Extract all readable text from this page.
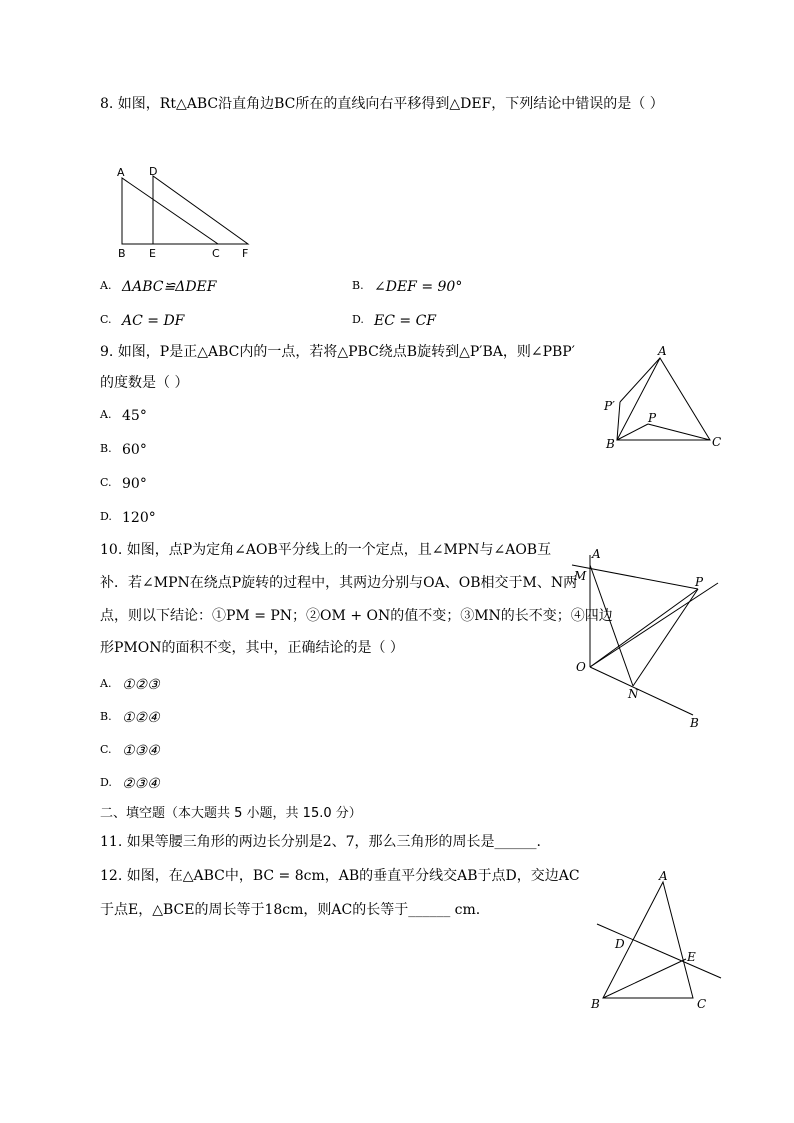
8. 如图，Rt△ABC沿直角边BC所在的直线向右平移得到△DEF，下列结论中错误的是（ ）
A D
B E	C F
A. ΔABC≌ΔDEF	B. ∠DEF = 90°
C. AC = DF	D. EC = CF
9. 如图，P是正△ABC内的一点，若将△PBC绕点B旋转到△P′BA，则∠PBP′
的度数是（ ）
A
P′
P
B	C
A. 45°
B. 60°
C. 90°
D. 120°
10. 如图，点P为定角∠AOB平分线上的一个定点，且∠MPN与∠AOB互
补．若∠MPN在绕点P旋转的过程中，其两边分别与OA、OB相交于M、N两
点，则以下结论：①PM = PN；②OM + ON的值不变；③MN的长不变；④四边
形PMON的面积不变，其中，正确结论的是（ ）
A
M	P
O
N
B
A. ①②③
B. ①②④
C. ①③④
D. ②③④
二、填空题（本大题共 5 小题，共 15.0 分）
11. 如果等腰三角形的两边长分别是2、7，那么三角形的周长是______.
12. 如图，在△ABC中，BC = 8cm，AB的垂直平分线交AB于点D，交边AC
于点E，△BCE的周长等于18cm，则AC的长等于______ cm.
A
D
E
B	C
